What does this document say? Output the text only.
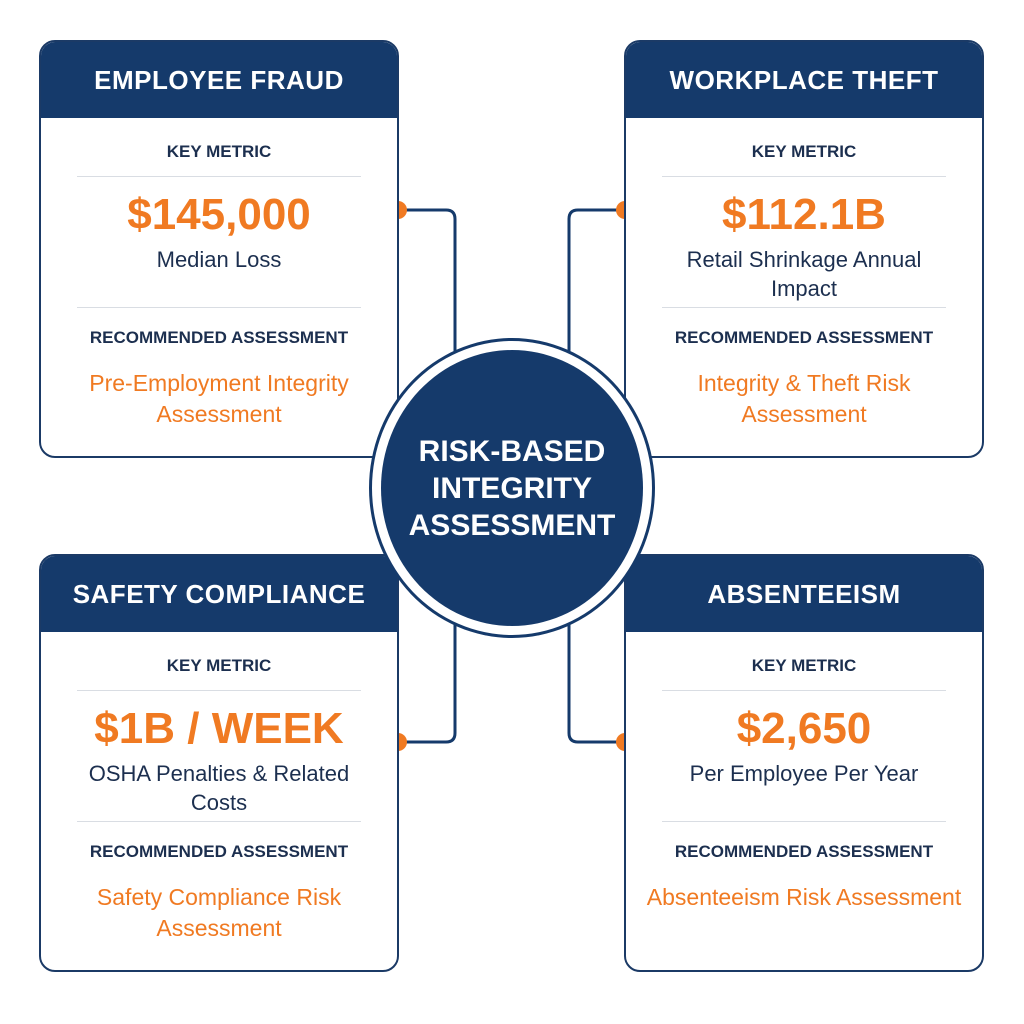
EMPLOYEE FRAUD
KEY METRIC
$145,000
Median Loss
RECOMMENDED ASSESSMENT
Pre-Employment Integrity Assessment
WORKPLACE THEFT
KEY METRIC
$112.1B
Retail Shrinkage Annual Impact
RECOMMENDED ASSESSMENT
Integrity & Theft Risk Assessment
SAFETY COMPLIANCE
KEY METRIC
$1B / WEEK
OSHA Penalties & Related Costs
RECOMMENDED ASSESSMENT
Safety Compliance Risk Assessment
ABSENTEEISM
KEY METRIC
$2,650
Per Employee Per Year
RECOMMENDED ASSESSMENT
Absenteeism Risk Assessment
RISK-BASED INTEGRITY ASSESSMENT
